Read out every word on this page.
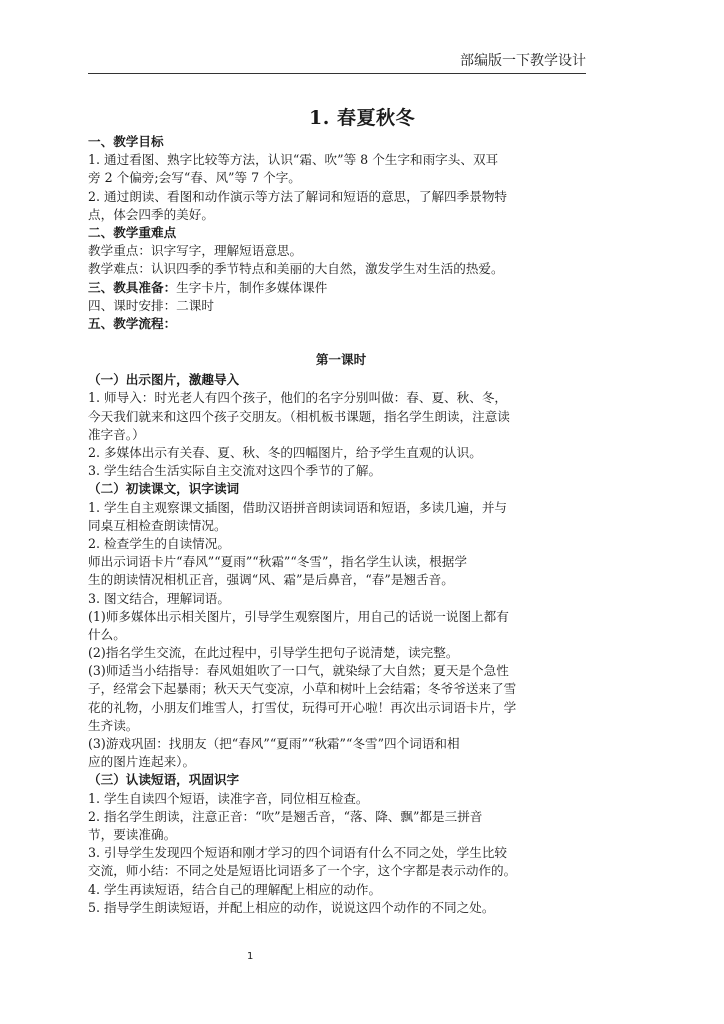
部编版一下教学设计
1. 春夏秋冬
一、教学目标
1. 通过看图、熟字比较等方法，认识“霜、吹”等 8 个生字和雨字头、双耳
旁 2 个偏旁;会写“春、风”等 7 个字。
2. 通过朗读、看图和动作演示等方法了解词和短语的意思，了解四季景物特
点，体会四季的美好。
二、教学重难点
教学重点：识字写字，理解短语意思。
教学难点：认识四季的季节特点和美丽的大自然，激发学生对生活的热爱。
三、教具准备：生字卡片，制作多媒体课件
四、课时安排：二课时
五、教学流程：
第一课时
（一）出示图片，激趣导入
1. 师导入：时光老人有四个孩子，他们的名字分别叫做：春、夏、秋、冬，
今天我们就来和这四个孩子交朋友。（相机板书课题，指名学生朗读，注意读
准字音。）
2. 多媒体出示有关春、夏、秋、冬的四幅图片，给予学生直观的认识。
3. 学生结合生活实际自主交流对这四个季节的了解。
（二）初读课文，识字读词
1. 学生自主观察课文插图，借助汉语拼音朗读词语和短语，多读几遍，并与
同桌互相检查朗读情况。
2. 检查学生的自读情况。
师出示词语卡片“春风”“夏雨”“秋霜”“冬雪”，指名学生认读，根据学
生的朗读情况相机正音，强调“风、霜”是后鼻音，“春”是翘舌音。
3. 图文结合，理解词语。
(1)师多媒体出示相关图片，引导学生观察图片，用自己的话说一说图上都有
什么。
(2)指名学生交流，在此过程中，引导学生把句子说清楚，读完整。
(3)师适当小结指导：春风姐姐吹了一口气，就染绿了大自然；夏天是个急性
子，经常会下起暴雨；秋天天气变凉，小草和树叶上会结霜；冬爷爷送来了雪
花的礼物，小朋友们堆雪人，打雪仗，玩得可开心啦！再次出示词语卡片，学
生齐读。
(3)游戏巩固：找朋友（把“春风”“夏雨”“秋霜”“冬雪”四个词语和相
应的图片连起来）。
（三）认读短语，巩固识字
1. 学生自读四个短语，读准字音，同位相互检查。
2. 指名学生朗读，注意正音：“吹”是翘舌音，“落、降、飘”都是三拼音
节，要读准确。
3. 引导学生发现四个短语和刚才学习的四个词语有什么不同之处，学生比较
交流，师小结：不同之处是短语比词语多了一个字，这个字都是表示动作的。
4. 学生再读短语，结合自己的理解配上相应的动作。
5. 指导学生朗读短语，并配上相应的动作，说说这四个动作的不同之处。
1
